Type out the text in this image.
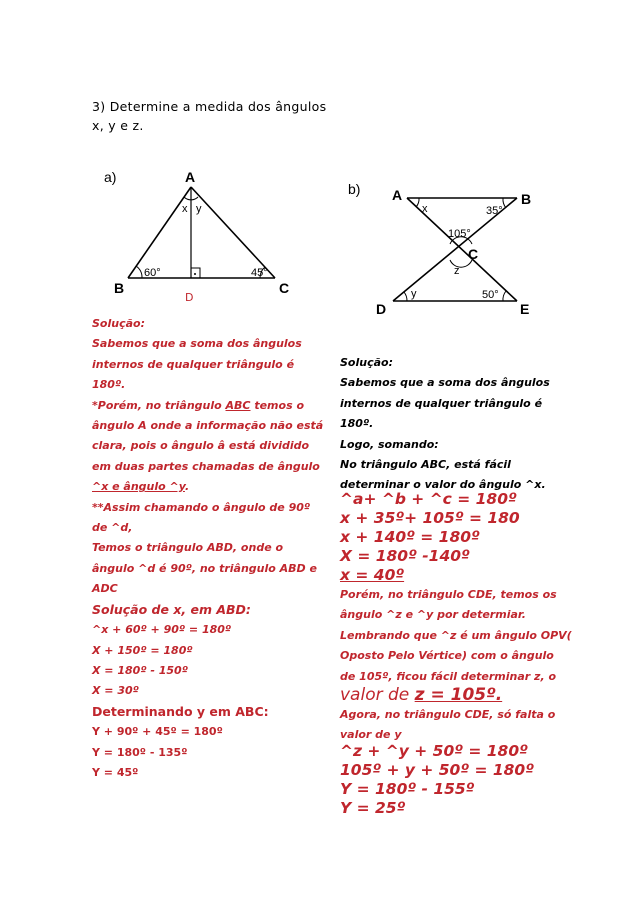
3) Determine a medida dos ângulos
x, y e z.
a)	A
B	C
x y
60°	45°
D
b) A	B
C
D	E
x	35°
105°
z
y	50°
Solução:
Sabemos que a soma dos ângulos
internos de qualquer triângulo é
180º.
*Porém, no triângulo ABC temos o
ângulo A onde a informação não está
clara, pois o ângulo â está dividido
em duas partes chamadas de ângulo
^x e ângulo ^y.
**Assim chamando o ângulo de 90º
de ^d,
Temos o triângulo ABD, onde o
ângulo ^d é 90º, no triângulo ABD e
ADC
Solução de x, em ABD:
^x + 60º + 90º = 180º
X + 150º = 180º
X = 180º - 150º
X = 30º
Determinando y em ABC:
Y + 90º + 45º = 180º
Y = 180º - 135º
Y = 45º
Solução:
Sabemos que a soma dos ângulos
internos de qualquer triângulo é
180º.
Logo, somando:
No triângulo ABC, está fácil
determinar o valor do ângulo ^x.
^a+ ^b + ^c = 180º
x + 35º+ 105º = 180
x + 140º = 180º
X = 180º -140º
x = 40º
Porém, no triângulo CDE, temos os
ângulo ^z e ^y por determiar.
Lembrando que ^z é um ângulo OPV(
Oposto Pelo Vértice) com o ângulo
de 105º, ficou fácil determinar z, o
valor de z = 105º.
Agora, no triângulo CDE, só falta o
valor de y
^z + ^y + 50º = 180º
105º + y + 50º = 180º
Y = 180º - 155º
Y = 25º
